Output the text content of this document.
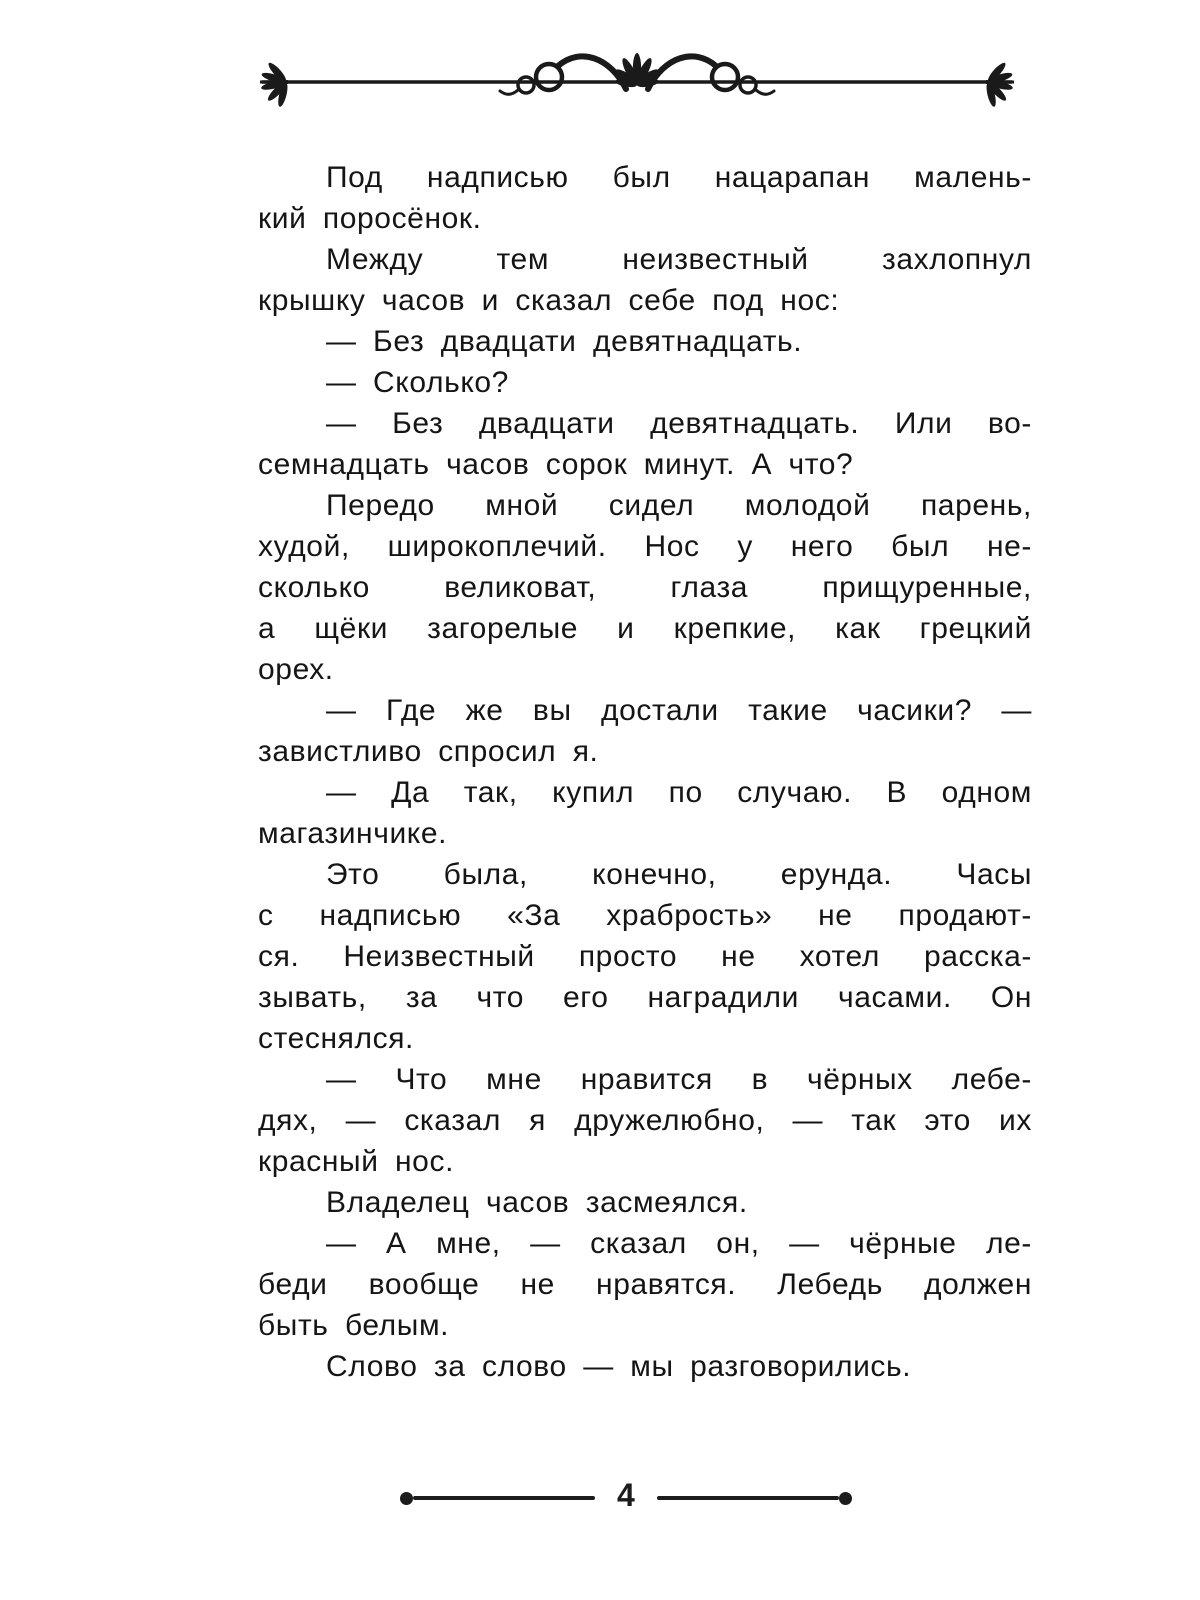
Под надписью был нацарапан малень-
кий поросёнок.
Между тем неизвестный захлопнул
крышку часов и сказал себе под нос:
— Без двадцати девятнадцать.
— Сколько?
— Без двадцати девятнадцать. Или во-
семнадцать часов сорок минут. А что?
Передо мной сидел молодой парень,
худой, широкоплечий. Нос у него был не-
сколько великоват, глаза прищуренные,
а щёки загорелые и крепкие, как грецкий
орех.
— Где же вы достали такие часики? —
завистливо спросил я.
— Да так, купил по случаю. В одном
магазинчике.
Это была, конечно, ерунда. Часы
с надписью «За храбрость» не продают-
ся. Неизвестный просто не хотел расска-
зывать, за что его наградили часами. Он
стеснялся.
— Что мне нравится в чёрных лебе-
дях, — сказал я дружелюбно, — так это их
красный нос.
Владелец часов засмеялся.
— А мне, — сказал он, — чёрные ле-
беди вообще не нравятся. Лебедь должен
быть белым.
Слово за слово — мы разговорились.
4
